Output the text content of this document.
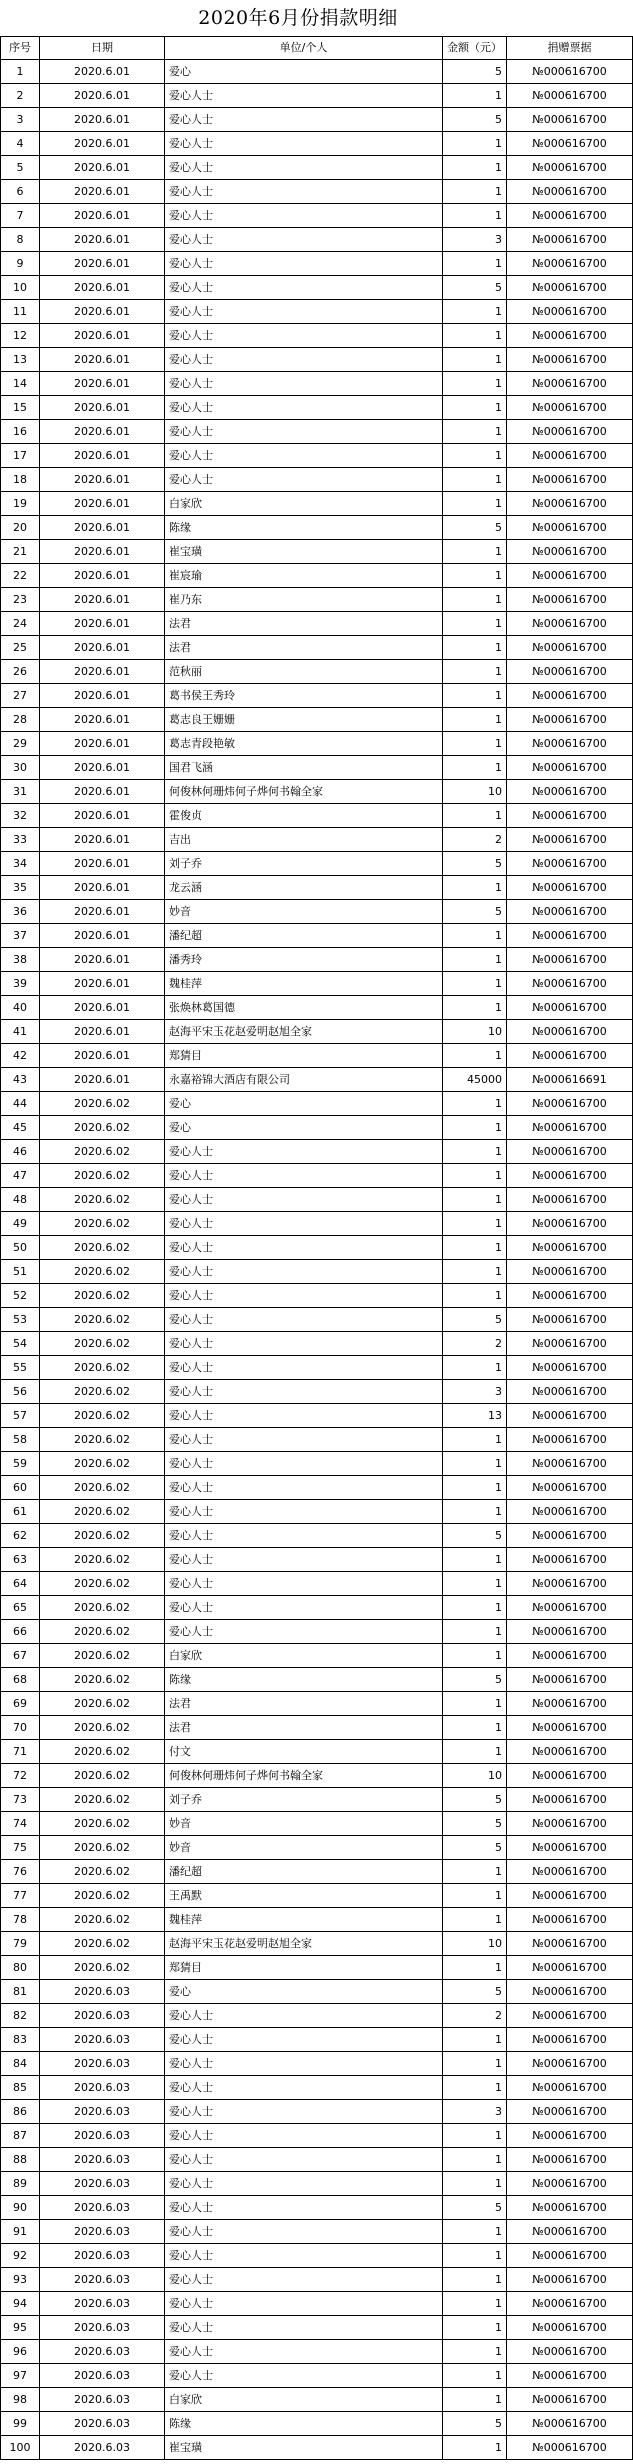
2020年6月份捐款明细
序号	日期	单位/个人	金额（元）	捐赠票据
1	2020.6.01	爱心	5	№000616700
2	2020.6.01	爱心人士	1	№000616700
3	2020.6.01	爱心人士	5	№000616700
4	2020.6.01	爱心人士	1	№000616700
5	2020.6.01	爱心人士	1	№000616700
6	2020.6.01	爱心人士	1	№000616700
7	2020.6.01	爱心人士	1	№000616700
8	2020.6.01	爱心人士	3	№000616700
9	2020.6.01	爱心人士	1	№000616700
10	2020.6.01	爱心人士	5	№000616700
11	2020.6.01	爱心人士	1	№000616700
12	2020.6.01	爱心人士	1	№000616700
13	2020.6.01	爱心人士	1	№000616700
14	2020.6.01	爱心人士	1	№000616700
15	2020.6.01	爱心人士	1	№000616700
16	2020.6.01	爱心人士	1	№000616700
17	2020.6.01	爱心人士	1	№000616700
18	2020.6.01	爱心人士	1	№000616700
19	2020.6.01	白家欣	1	№000616700
20	2020.6.01	陈缘	5	№000616700
21	2020.6.01	崔宝璜	1	№000616700
22	2020.6.01	崔宸瑜	1	№000616700
23	2020.6.01	崔乃东	1	№000616700
24	2020.6.01	法君	1	№000616700
25	2020.6.01	法君	1	№000616700
26	2020.6.01	范秋丽	1	№000616700
27	2020.6.01	葛书侯王秀玲	1	№000616700
28	2020.6.01	葛志良王姗姗	1	№000616700
29	2020.6.01	葛志青段艳敏	1	№000616700
30	2020.6.01	国君飞涵	1	№000616700
31	2020.6.01	何俊林何珊炜何子烨何书翰全家	10	№000616700
32	2020.6.01	霍俊贞	1	№000616700
33	2020.6.01	吉出	2	№000616700
34	2020.6.01	刘子乔	5	№000616700
35	2020.6.01	龙云涵	1	№000616700
36	2020.6.01	妙音	5	№000616700
37	2020.6.01	潘纪超	1	№000616700
38	2020.6.01	潘秀玲	1	№000616700
39	2020.6.01	魏桂萍	1	№000616700
40	2020.6.01	张焕林葛国德	1	№000616700
41	2020.6.01	赵海平宋玉花赵爱明赵旭全家	10	№000616700
42	2020.6.01	郑猜目	1	№000616700
43	2020.6.01	永嘉裕锦大酒店有限公司	45000	№000616691
44	2020.6.02	爱心	1	№000616700
45	2020.6.02	爱心	1	№000616700
46	2020.6.02	爱心人士	1	№000616700
47	2020.6.02	爱心人士	1	№000616700
48	2020.6.02	爱心人士	1	№000616700
49	2020.6.02	爱心人士	1	№000616700
50	2020.6.02	爱心人士	1	№000616700
51	2020.6.02	爱心人士	1	№000616700
52	2020.6.02	爱心人士	1	№000616700
53	2020.6.02	爱心人士	5	№000616700
54	2020.6.02	爱心人士	2	№000616700
55	2020.6.02	爱心人士	1	№000616700
56	2020.6.02	爱心人士	3	№000616700
57	2020.6.02	爱心人士	13	№000616700
58	2020.6.02	爱心人士	1	№000616700
59	2020.6.02	爱心人士	1	№000616700
60	2020.6.02	爱心人士	1	№000616700
61	2020.6.02	爱心人士	1	№000616700
62	2020.6.02	爱心人士	5	№000616700
63	2020.6.02	爱心人士	1	№000616700
64	2020.6.02	爱心人士	1	№000616700
65	2020.6.02	爱心人士	1	№000616700
66	2020.6.02	爱心人士	1	№000616700
67	2020.6.02	白家欣	1	№000616700
68	2020.6.02	陈缘	5	№000616700
69	2020.6.02	法君	1	№000616700
70	2020.6.02	法君	1	№000616700
71	2020.6.02	付文	1	№000616700
72	2020.6.02	何俊林何珊炜何子烨何书翰全家	10	№000616700
73	2020.6.02	刘子乔	5	№000616700
74	2020.6.02	妙音	5	№000616700
75	2020.6.02	妙音	5	№000616700
76	2020.6.02	潘纪超	1	№000616700
77	2020.6.02	王禹默	1	№000616700
78	2020.6.02	魏桂萍	1	№000616700
79	2020.6.02	赵海平宋玉花赵爱明赵旭全家	10	№000616700
80	2020.6.02	郑猜目	1	№000616700
81	2020.6.03	爱心	5	№000616700
82	2020.6.03	爱心人士	2	№000616700
83	2020.6.03	爱心人士	1	№000616700
84	2020.6.03	爱心人士	1	№000616700
85	2020.6.03	爱心人士	1	№000616700
86	2020.6.03	爱心人士	3	№000616700
87	2020.6.03	爱心人士	1	№000616700
88	2020.6.03	爱心人士	1	№000616700
89	2020.6.03	爱心人士	1	№000616700
90	2020.6.03	爱心人士	5	№000616700
91	2020.6.03	爱心人士	1	№000616700
92	2020.6.03	爱心人士	1	№000616700
93	2020.6.03	爱心人士	1	№000616700
94	2020.6.03	爱心人士	1	№000616700
95	2020.6.03	爱心人士	1	№000616700
96	2020.6.03	爱心人士	1	№000616700
97	2020.6.03	爱心人士	1	№000616700
98	2020.6.03	白家欣	1	№000616700
99	2020.6.03	陈缘	5	№000616700
100	2020.6.03	崔宝璜	1	№000616700
